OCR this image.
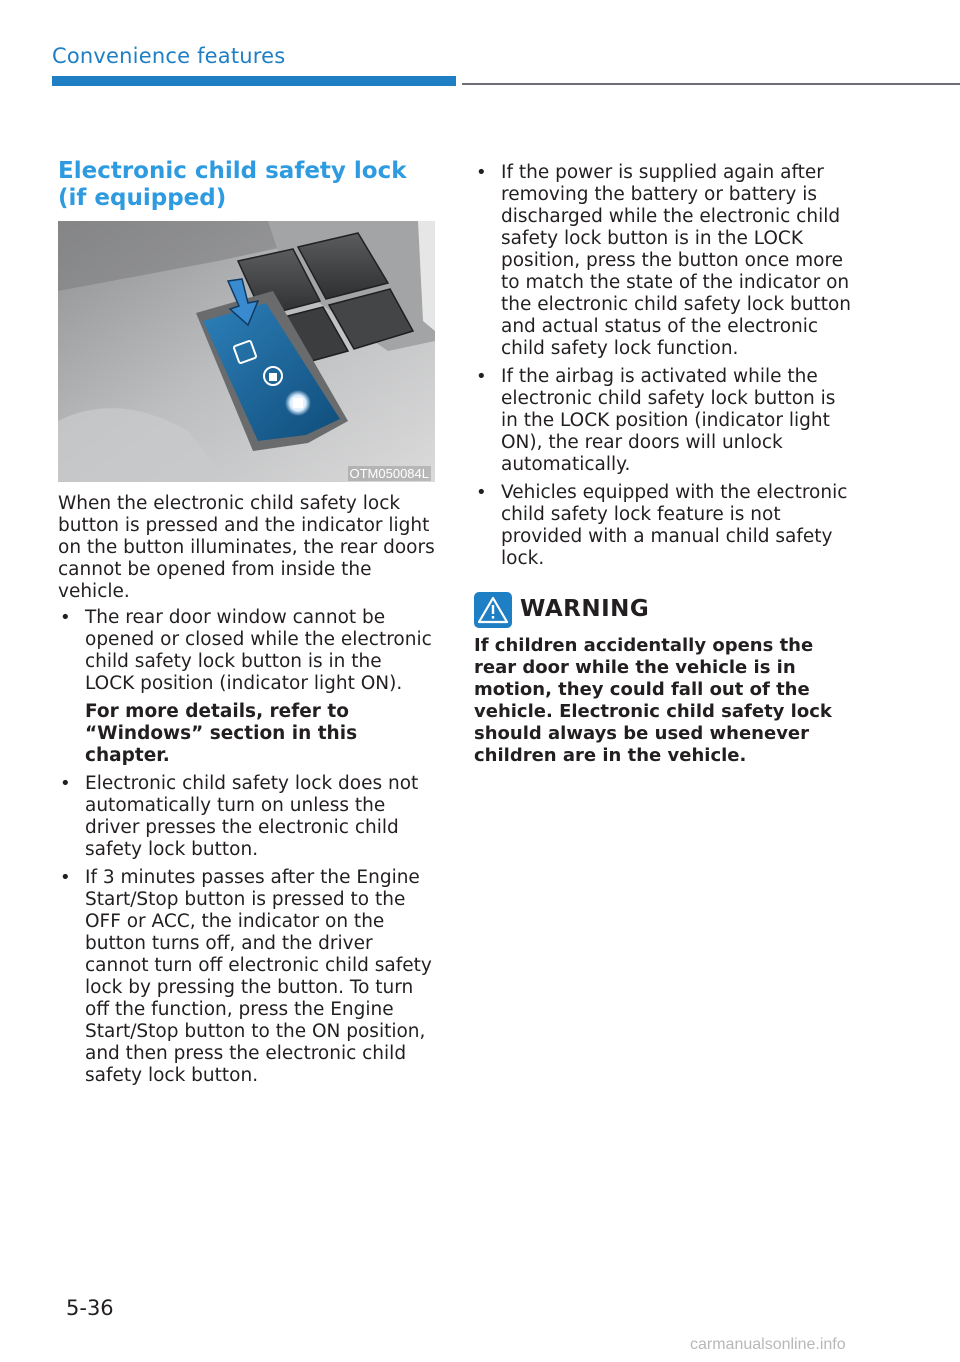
Convenience features
Electronic child safety lock (if equipped)
OTM050084L

When the electronic child safety lock button is pressed and the indicator light on the button illuminates, the rear doors cannot be opened from inside the vehicle.

• The rear door window cannot be opened or closed while the electronic child safety lock button is in the LOCK position (indicator light ON).

For more details, refer to “Windows” section in this chapter.

• Electronic child safety lock does not automatically turn on unless the driver presses the electronic child safety lock button.

• If 3 minutes passes after the Engine Start/Stop button is pressed to the OFF or ACC, the indicator on the button turns off, and the driver cannot turn off electronic child safety lock by pressing the button. To turn off the function, press the Engine Start/Stop button to the ON position, and then press the electronic child safety lock button.

• If the power is supplied again after removing the battery or battery is discharged while the electronic child safety lock button is in the LOCK position, press the button once more to match the state of the indicator on the electronic child safety lock button and actual status of the electronic child safety lock function.

• If the airbag is activated while the electronic child safety lock button is in the LOCK position (indicator light ON), the rear doors will unlock automatically.

• Vehicles equipped with the electronic child safety lock feature is not provided with a manual child safety lock.

WARNING

If children accidentally opens the rear door while the vehicle is in motion, they could fall out of the vehicle. Electronic child safety lock should always be used whenever children are in the vehicle.

5-36
carmanualsonline.info
